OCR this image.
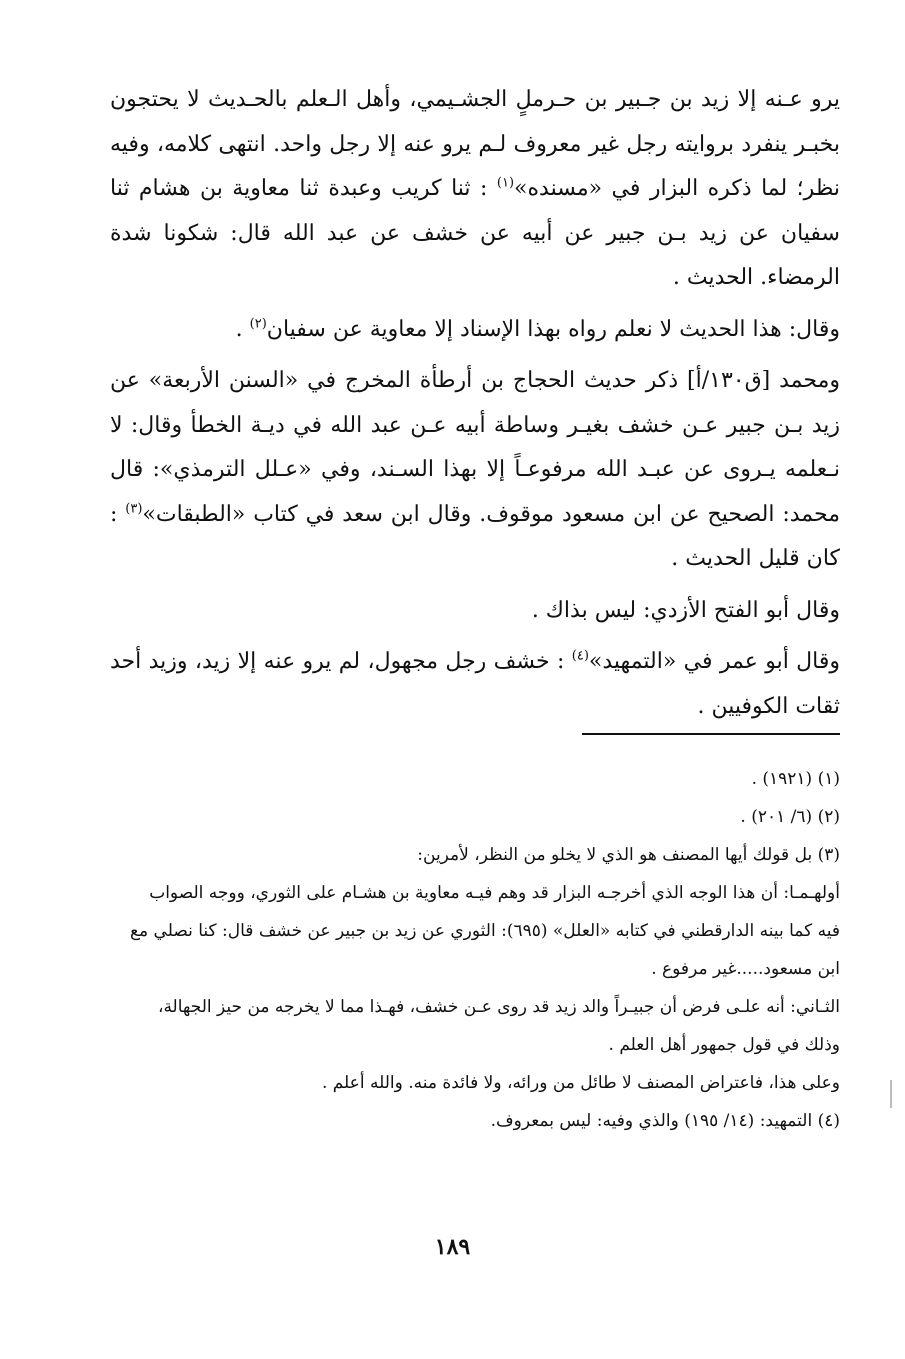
يرو عـنه إلا زيد بن جـبير بن حـرملٍ الجشـيمي، وأهل الـعلم بالحـديث لا يحتجون بخبـر ينفرد بروايته رجل غير معروف لـم يرو عنه إلا رجل واحد. انتهى كلامه، وفيه نظر؛ لما ذكره البزار في «مسنده»$^{(١)}$ : ثنا كريب وعبدة ثنا معاوية بن هشام ثنا سفيان عن زيد بـن جبير عن أبيه عن خشف عن عبد الله قال: شكونا شدة الرمضاء. الحديث .

وقال: هذا الحديث لا نعلم رواه بهذا الإسناد إلا معاوية عن سفيان$^{(٢)}$ .

ومحمد [ق١٣٠/أ] ذكر حديث الحجاج بن أرطأة المخرج في «السنن الأربعة» عن زيد بـن جبير عـن خشف بغيـر وساطة أبيه عـن عبد الله في ديـة الخطأ وقال: لا نـعلمه يـروى عن عبـد الله مرفوعـاً إلا بهذا السـند، وفي «عـلل الترمذي»: قال محمد: الصحيح عن ابن مسعود موقوف. وقال ابن سعد في كتاب «الطبقات»$^{(٣)}$ : كان قليل الحديث .

وقال أبو الفتح الأزدي: ليس بذاك .

وقال أبو عمر في «التمهيد»$^{(٤)}$ : خشف رجل مجهول، لم يرو عنه إلا زيد، وزيد أحد ثقات الكوفيين .

(١) (١٩٢١) .

(٢) (٦/ ٢٠١) .

(٣) بل قولك أيها المصنف هو الذي لا يخلو من النظر، لأمرين:

أولهـمـا: أن هذا الوجه الذي أخرجـه البزار قد وهم فيـه معاوية بن هشـام على الثوري، ووجه الصواب فيه كما بينه الدارقطني في كتابه «العلل» (٦٩٥): الثوري عن زيد بن جبير عن خشف قال: كنا نصلي مع ابن مسعود.....غير مرفوع .

الثـاني: أنه علـى فرض أن جبيـراً والد زيد قد روى عـن خشف، فهـذا مما لا يخرجه من حيز الجهالة، وذلك في قول جمهور أهل العلم .

وعلى هذا، فاعتراض المصنف لا طائل من ورائه، ولا فائدة منه. والله أعلم .

(٤) التمهيد: (١٤/ ١٩٥) والذي وفيه: ليس بمعروف.

١٨٩
